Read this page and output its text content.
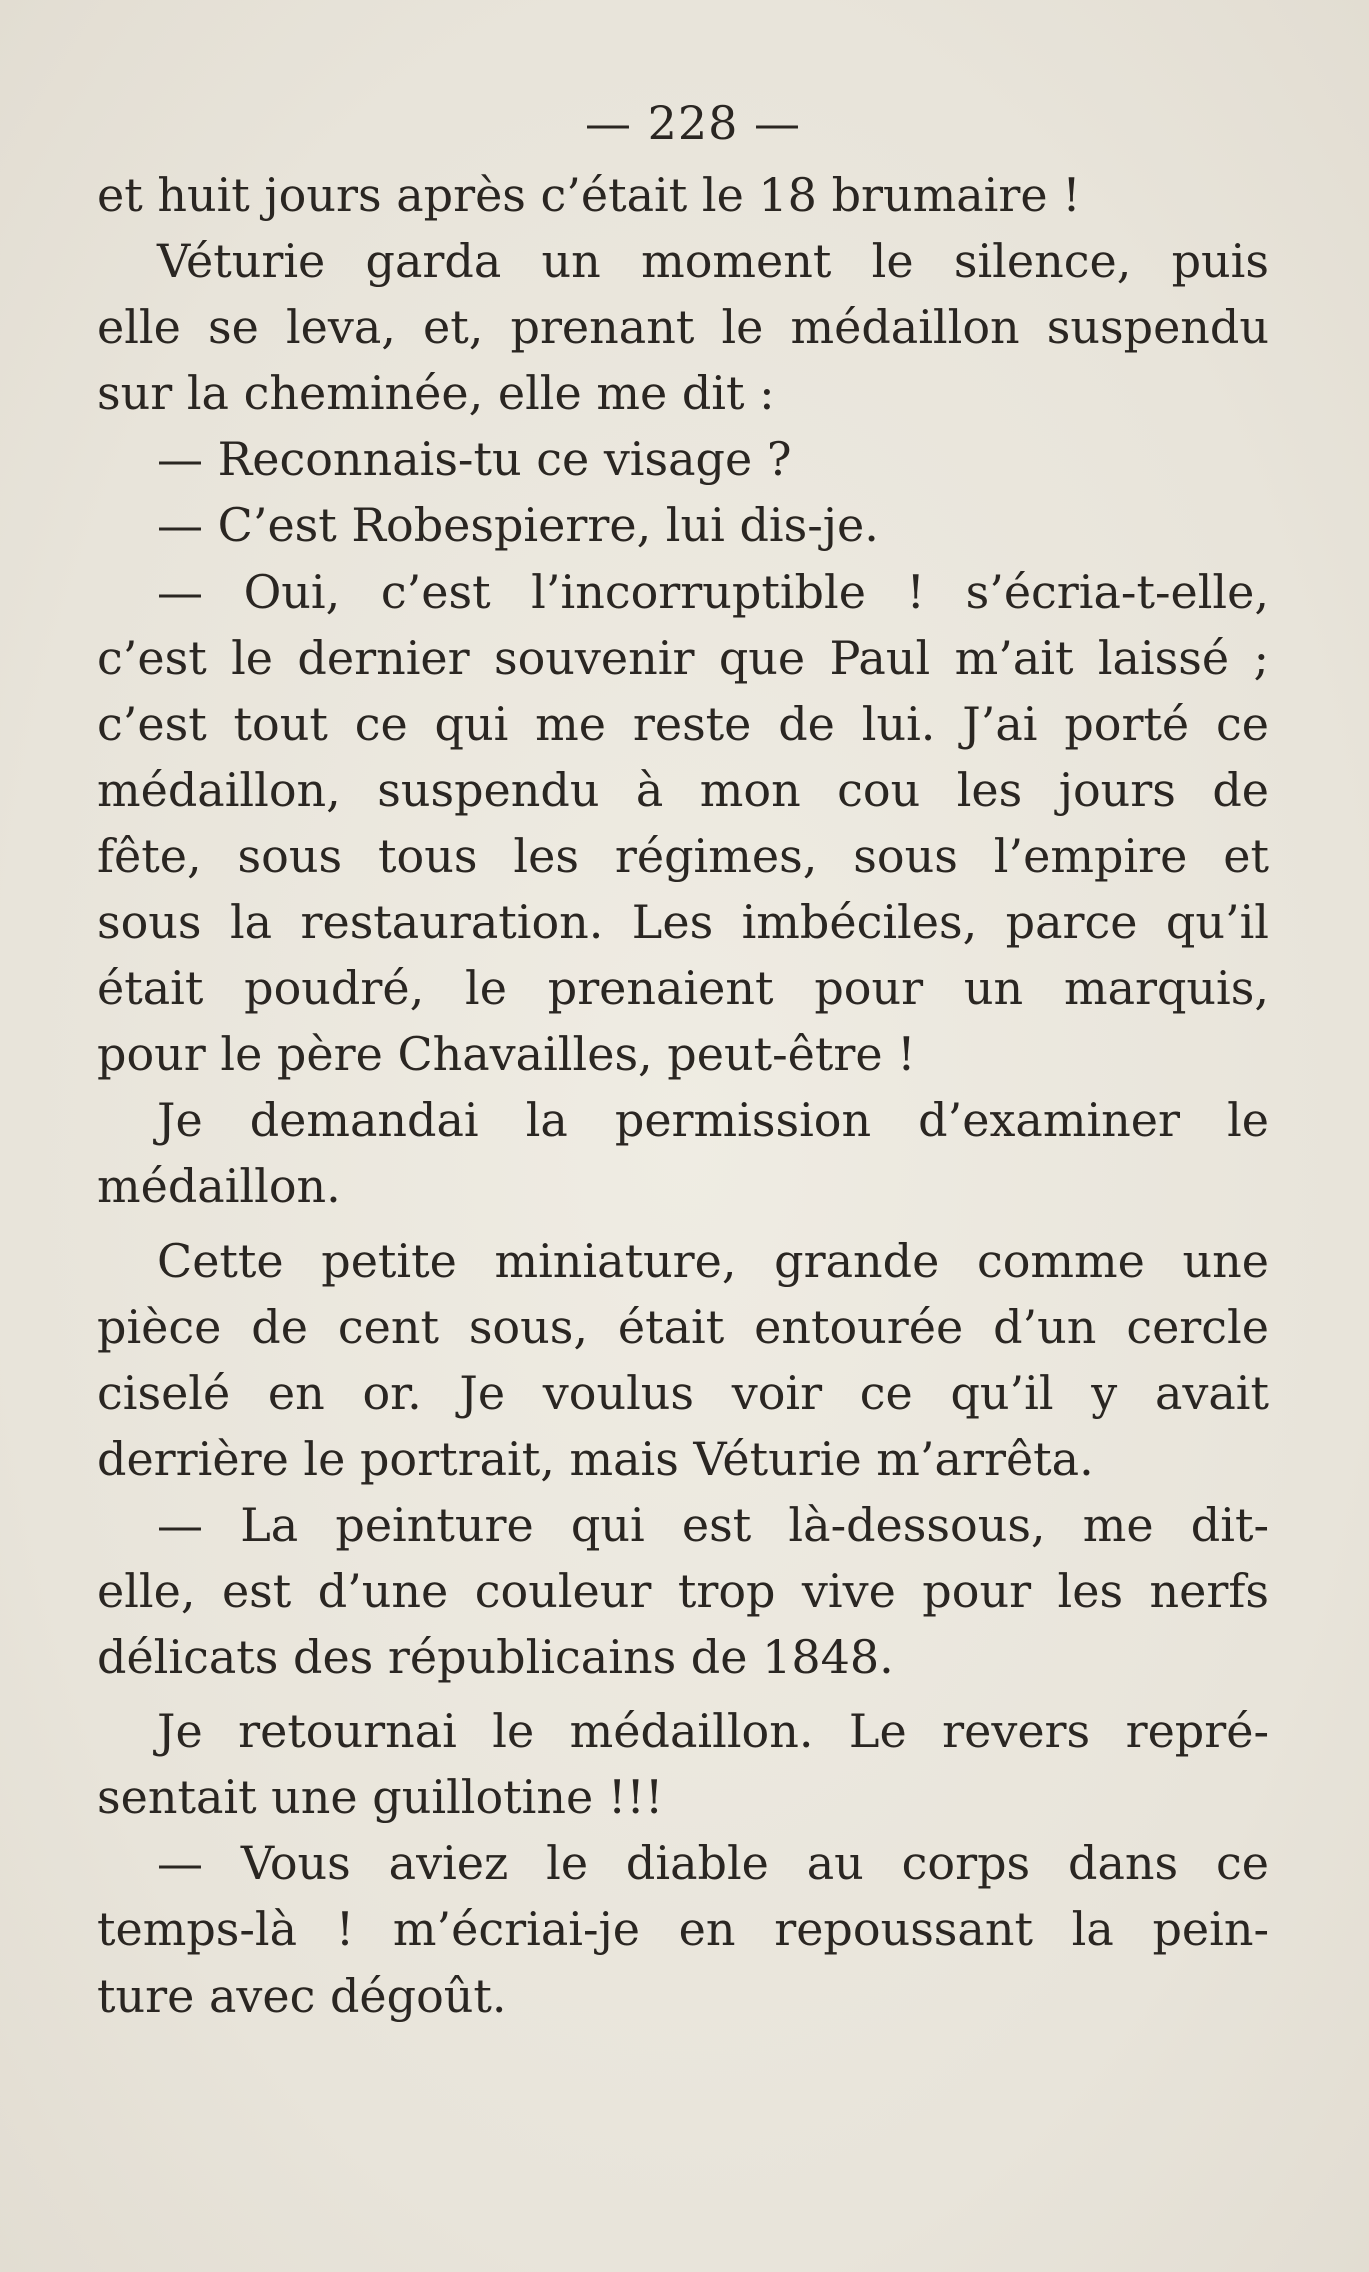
— 228 —
et huit jours après c’était le 18 brumaire !
Véturie garda un moment le silence, puis
elle se leva, et, prenant le médaillon suspendu
sur la cheminée, elle me dit :
— Reconnais-tu ce visage ?
— C’est Robespierre, lui dis-je.
— Oui, c’est l’incorruptible ! s’écria-t-elle,
c’est le dernier souvenir que Paul m’ait laissé ;
c’est tout ce qui me reste de lui. J’ai porté ce
médaillon, suspendu à mon cou les jours de
fête, sous tous les régimes, sous l’empire et
sous la restauration. Les imbéciles, parce qu’il
était poudré, le prenaient pour un marquis,
pour le père Chavailles, peut-être !
Je demandai la permission d’examiner le
médaillon.
Cette petite miniature, grande comme une
pièce de cent sous, était entourée d’un cercle
ciselé en or. Je voulus voir ce qu’il y avait
derrière le portrait, mais Véturie m’arrêta.
— La peinture qui est là-dessous, me dit-
elle, est d’une couleur trop vive pour les nerfs
délicats des républicains de 1848.
Je retournai le médaillon. Le revers repré-
sentait une guillotine !!!
— Vous aviez le diable au corps dans ce
temps-là ! m’écriai-je en repoussant la pein-
ture avec dégoût.
